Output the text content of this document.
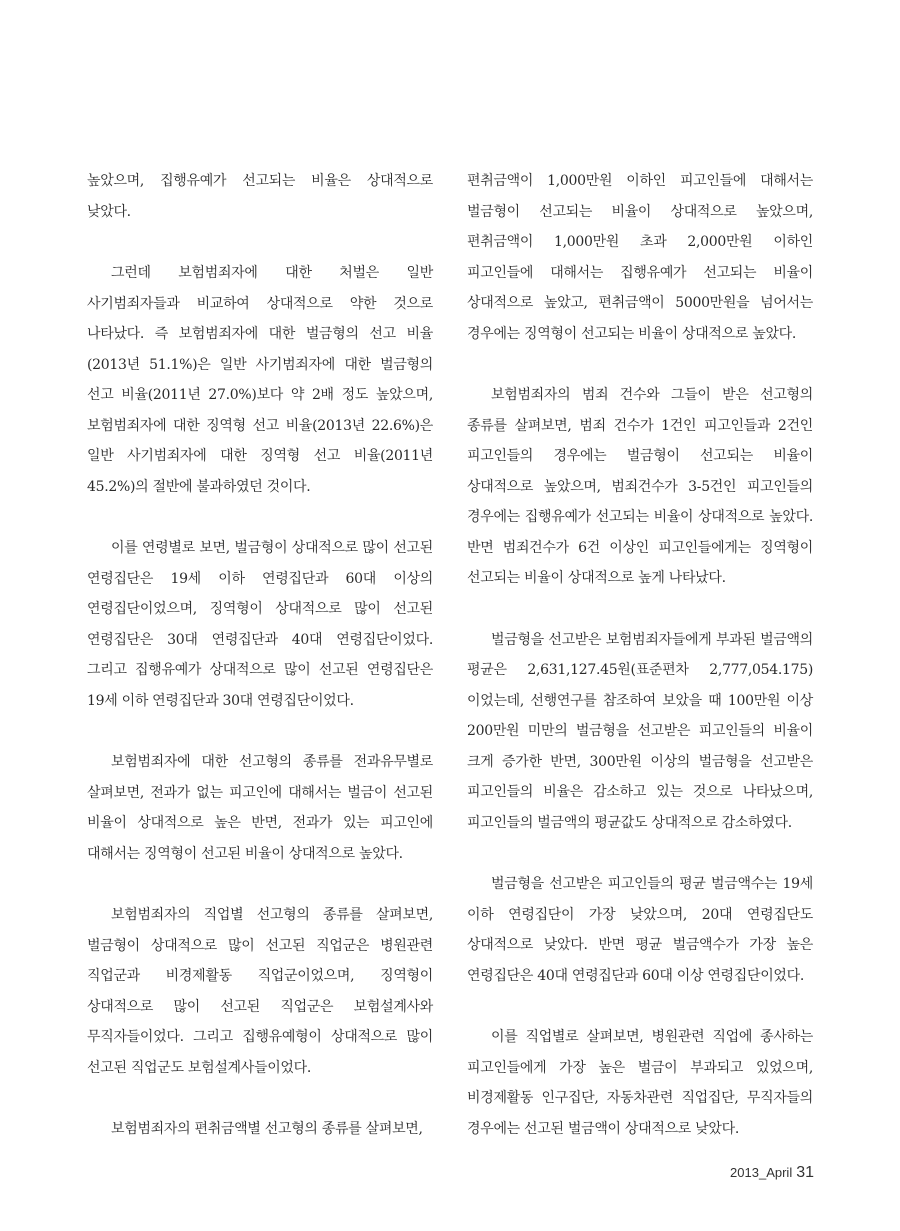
높았으며, 집행유예가 선고되는 비율은 상대적으로 낮았다.

그런데 보험범죄자에 대한 처벌은 일반 사기범죄자들과 비교하여 상대적으로 약한 것으로 나타났다. 즉 보험범죄자에 대한 벌금형의 선고 비율(2013년 51.1%)은 일반 사기범죄자에 대한 벌금형의 선고 비율(2011년 27.0%)보다 약 2배 정도 높았으며, 보험범죄자에 대한 징역형 선고 비율(2013년 22.6%)은 일반 사기범죄자에 대한 징역형 선고 비율(2011년 45.2%)의 절반에 불과하였던 것이다.

이를 연령별로 보면, 벌금형이 상대적으로 많이 선고된 연령집단은 19세 이하 연령집단과 60대 이상의 연령집단이었으며, 징역형이 상대적으로 많이 선고된 연령집단은 30대 연령집단과 40대 연령집단이었다. 그리고 집행유예가 상대적으로 많이 선고된 연령집단은 19세 이하 연령집단과 30대 연령집단이었다.

보험범죄자에 대한 선고형의 종류를 전과유무별로 살펴보면, 전과가 없는 피고인에 대해서는 벌금이 선고된 비율이 상대적으로 높은 반면, 전과가 있는 피고인에 대해서는 징역형이 선고된 비율이 상대적으로 높았다.

보험범죄자의 직업별 선고형의 종류를 살펴보면, 벌금형이 상대적으로 많이 선고된 직업군은 병원관련 직업군과 비경제활동 직업군이었으며, 징역형이 상대적으로 많이 선고된 직업군은 보험설계사와 무직자들이었다. 그리고 집행유예형이 상대적으로 많이 선고된 직업군도 보험설계사들이었다.

보험범죄자의 편취금액별 선고형의 종류를 살펴보면,

편취금액이 1,000만원 이하인 피고인들에 대해서는 벌금형이 선고되는 비율이 상대적으로 높았으며, 편취금액이 1,000만원 초과 2,000만원 이하인 피고인들에 대해서는 집행유예가 선고되는 비율이 상대적으로 높았고, 편취금액이 5000만원을 넘어서는 경우에는 징역형이 선고되는 비율이 상대적으로 높았다.

보험범죄자의 범죄 건수와 그들이 받은 선고형의 종류를 살펴보면, 범죄 건수가 1건인 피고인들과 2건인 피고인들의 경우에는 벌금형이 선고되는 비율이 상대적으로 높았으며, 범죄건수가 3-5건인 피고인들의 경우에는 집행유예가 선고되는 비율이 상대적으로 높았다. 반면 범죄건수가 6건 이상인 피고인들에게는 징역형이 선고되는 비율이 상대적으로 높게 나타났다.

벌금형을 선고받은 보험범죄자들에게 부과된 벌금액의 평균은 2,631,127.45원(표준편차 2,777,054.175)이었는데, 선행연구를 참조하여 보았을 때 100만원 이상 200만원 미만의 벌금형을 선고받은 피고인들의 비율이 크게 증가한 반면, 300만원 이상의 벌금형을 선고받은 피고인들의 비율은 감소하고 있는 것으로 나타났으며, 피고인들의 벌금액의 평균값도 상대적으로 감소하였다.

벌금형을 선고받은 피고인들의 평균 벌금액수는 19세 이하 연령집단이 가장 낮았으며, 20대 연령집단도 상대적으로 낮았다. 반면 평균 벌금액수가 가장 높은 연령집단은 40대 연령집단과 60대 이상 연령집단이었다.

이를 직업별로 살펴보면, 병원관련 직업에 종사하는 피고인들에게 가장 높은 벌금이 부과되고 있었으며, 비경제활동 인구집단, 자동차관련 직업집단, 무직자들의 경우에는 선고된 벌금액이 상대적으로 낮았다.

2013_April 31
